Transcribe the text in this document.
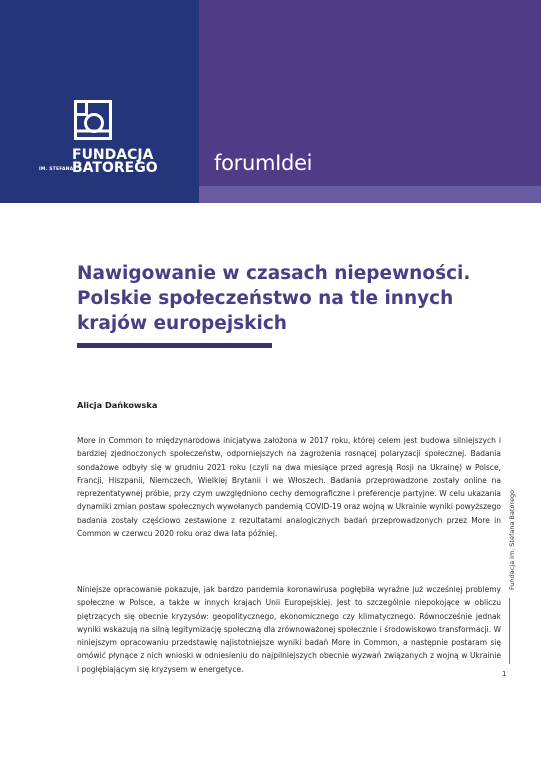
FUNDACJA
IM. STEFANA
BATOREGO	forumIdei
Nawigowanie w czasach niepewności. Polskie społeczeństwo na tle innych krajów europejskich
Alicja Dańkowska

More in Common to międzynarodowa inicjatywa założona w 2017 roku, której celem jest budowa silniejszych i bardziej zjednoczonych społeczeństw, odporniejszych na zagrożenia rosnącej polaryzacji społecznej. Badania sondażowe odbyły się w grudniu 2021 roku (czyli na dwa miesiące przed agresją Rosji na Ukrainę) w Polsce, Francji, Hiszpanii, Niemczech, Wielkiej Brytanii i we Włoszech. Badania przeprowadzone zostały online na reprezentatywnej próbie, przy czym uwzględniono cechy demograficzne i preferencje partyjne. W celu ukazania dynamiki zmian postaw społecznych wywołanych pandemią COVID-19 oraz wojną w Ukrainie wyniki powyższego badania zostały częściowo zestawione z rezultatami analogicznych badań przeprowadzonych przez More in Common w czerwcu 2020 roku oraz dwa lata później.

Niniejsze opracowanie pokazuje, jak bardzo pandemia koronawirusa pogłębiła wyraźne już wcześniej problemy społeczne w Polsce, a także w innych krajach Unii Europejskiej. Jest to szczególnie niepokojące w obliczu piętrzących się obecnie kryzysów: geopolitycznego, ekonomicznego czy klimatycznego. Równocześnie jednak wyniki wskazują na silną legitymizację społeczną dla zrównoważonej społecznie i środowiskowo transformacji. W niniejszym opracowaniu przedstawię najistotniejsze wyniki badań More in Common, a następnie postaram się omówić płynące z nich wnioski w odniesieniu do najpilniejszych obecnie wyzwań związanych z wojną w Ukrainie i pogłębiającym się kryzysem w energetyce.

Fundacja im. Stefana Batorego
1
